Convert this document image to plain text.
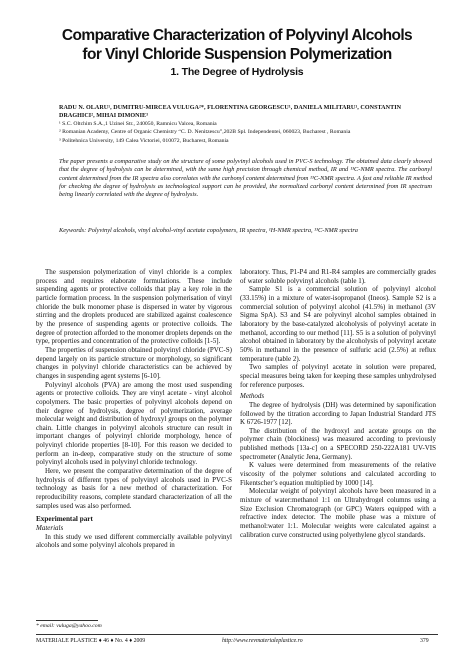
Comparative Characterization of Polyvinyl Alcohols
for Vinyl Chloride Suspension Polymerization
1. The Degree of Hydrolysis
RADU N. OLARU¹, DUMITRU-MIRCEA VULUGA²*, FLORENTINA GEORGESCU¹, DANIELA MILITARU¹, CONSTANTIN DRAGHICI², MIHAI DIMONIE³
¹ S.C. Oltchim S.A.,1 Uzinei Str., 240050, Ramnicu Valcea, Romania
² Romanian Academy, Centre of Organic Chemistry “C. D. Nenitzescu”,202B Spl. Independentei, 060023, Bucharest , Romania
³ Politehnica University, 149 Calea Victoriei, 010072, Bucharest, Romania
The paper presents a comparative study on the structure of some polyvinyl alcohols used in PVC-S technology. The obtained data clearly showed that the degree of hydrolysis can be determined, with the same high precision through chemical method, IR and ¹³C-NMR spectra. The carbonyl content determined from the IR spectra also correlates with the carbonyl content determined from ¹³C-NMR spectra. A fast and reliable IR method for checking the degree of hydrolysis as technological support can be provided, the normalized carbonyl content determined from IR spectrum being linearly correlated with the degree of hydrolysis.
Keywords: Polyvinyl alcohols, vinyl alcohol-vinyl acetate copolymers, IR spectra, ¹H-NMR spectra, ¹³C-NMR spectra

The suspension polymerization of vinyl chloride is a complex process and requires elaborate formulations. These include suspending agents or protective colloids that play a key role in the particle formation process. In the suspension polymerisation of vinyl chloride the bulk monomer phase is dispersed in water by vigorous stirring and the droplets produced are stabilized against coalescence by the presence of suspending agents or protective colloids. The degree of protection afforded to the monomer droplets depends on the type, properties and concentration of the protective colloids [1-5].

The properties of suspension obtained polyvinyl chloride (PVC-S) depend largely on its particle structure or morphology, so significant changes in polyvinyl chloride characteristics can be achieved by changes in suspending agent systems [6-10].

Polyvinyl alcohols (PVA) are among the most used suspending agents or protective colloids. They are vinyl acetate - vinyl alcohol copolymers. The basic properties of polyvinyl alcohols depend on their degree of hydrolysis, degree of polymerization, average molecular weight and distribution of hydroxyl groups on the polymer chain. Little changes in polyvinyl alcohols structure can result in important changes of polyvinyl chloride morphology, hence of polyvinyl chloride properties [8-10]. For this reason we decided to perform an in-deep, comparative study on the structure of some polyvinyl alcohols used in polyvinyl chloride technology.

Here, we present the comparative determination of the degree of hydrolysis of different types of polyvinyl alcohols used in PVC-S technology as basis for a new method of characterization. For reproducibility reasons, complete standard characterization of all the samples used was also performed.

Experimental part
Materials

In this study we used different commercially available polyvinyl alcohols and some polyvinyl alcohols prepared in

laboratory. Thus, P1-P4 and R1-R4 samples are commercially grades of water soluble polyvinyl alcohols (table 1).

Sample S1 is a commercial solution of polyvinyl alcohol (33.15%) in a mixture of water-isopropanol (Ineos). Sample S2 is a commercial solution of polyvinyl alcohol (41.5%) in methanol (3V Sigma SpA). S3 and S4 are polyvinyl alcohol samples obtained in laboratory by the base-catalyzed alcoholysis of polyvinyl acetate in methanol, according to our method [11]. S5 is a solution of polyvinyl alcohol obtained in laboratory by the alcoholysis of polyvinyl acetate 50% in methanol in the presence of sulfuric acid (2.5%) at reflux temperature (table 2).

Two samples of polyvinyl acetate in solution were prepared, special measures being taken for keeping these samples unhydrolysed for reference purposes.

Methods

The degree of hydrolysis (DH) was determined by saponification followed by the titration according to Japan Industrial Standard JTS K 6726-1977 [12].

The distribution of the hydroxyl and acetate groups on the polymer chain (blockiness) was measured according to previously published methods [13a-c] on a SPECORD 250-222A181 UV-VIS spectrometer (Analytic Jena, Germany).

K values were determined from measurements of the relative viscosity of the polymer solutions and calculated according to Fikentscher’s equation multiplied by 1000 [14].

Molecular weight of polyvinyl alcohols have been measured in a mixture of water:methanol 1:1 on Ultrahydrogel columns using a Size Exclusion Chromatograph (or GPC) Waters equipped with a refractive index detector. The mobile phase was a mixture of methanol:water 1:1. Molecular weights were calculated against a calibration curve constructed using polyethylene glycol standards.

* email: vuluga@yahoo.com
MATERIALE PLASTICE ♦ 46 ♦ No. 4 ♦ 2009	http://www.revmaterialeplastice.ro	379
